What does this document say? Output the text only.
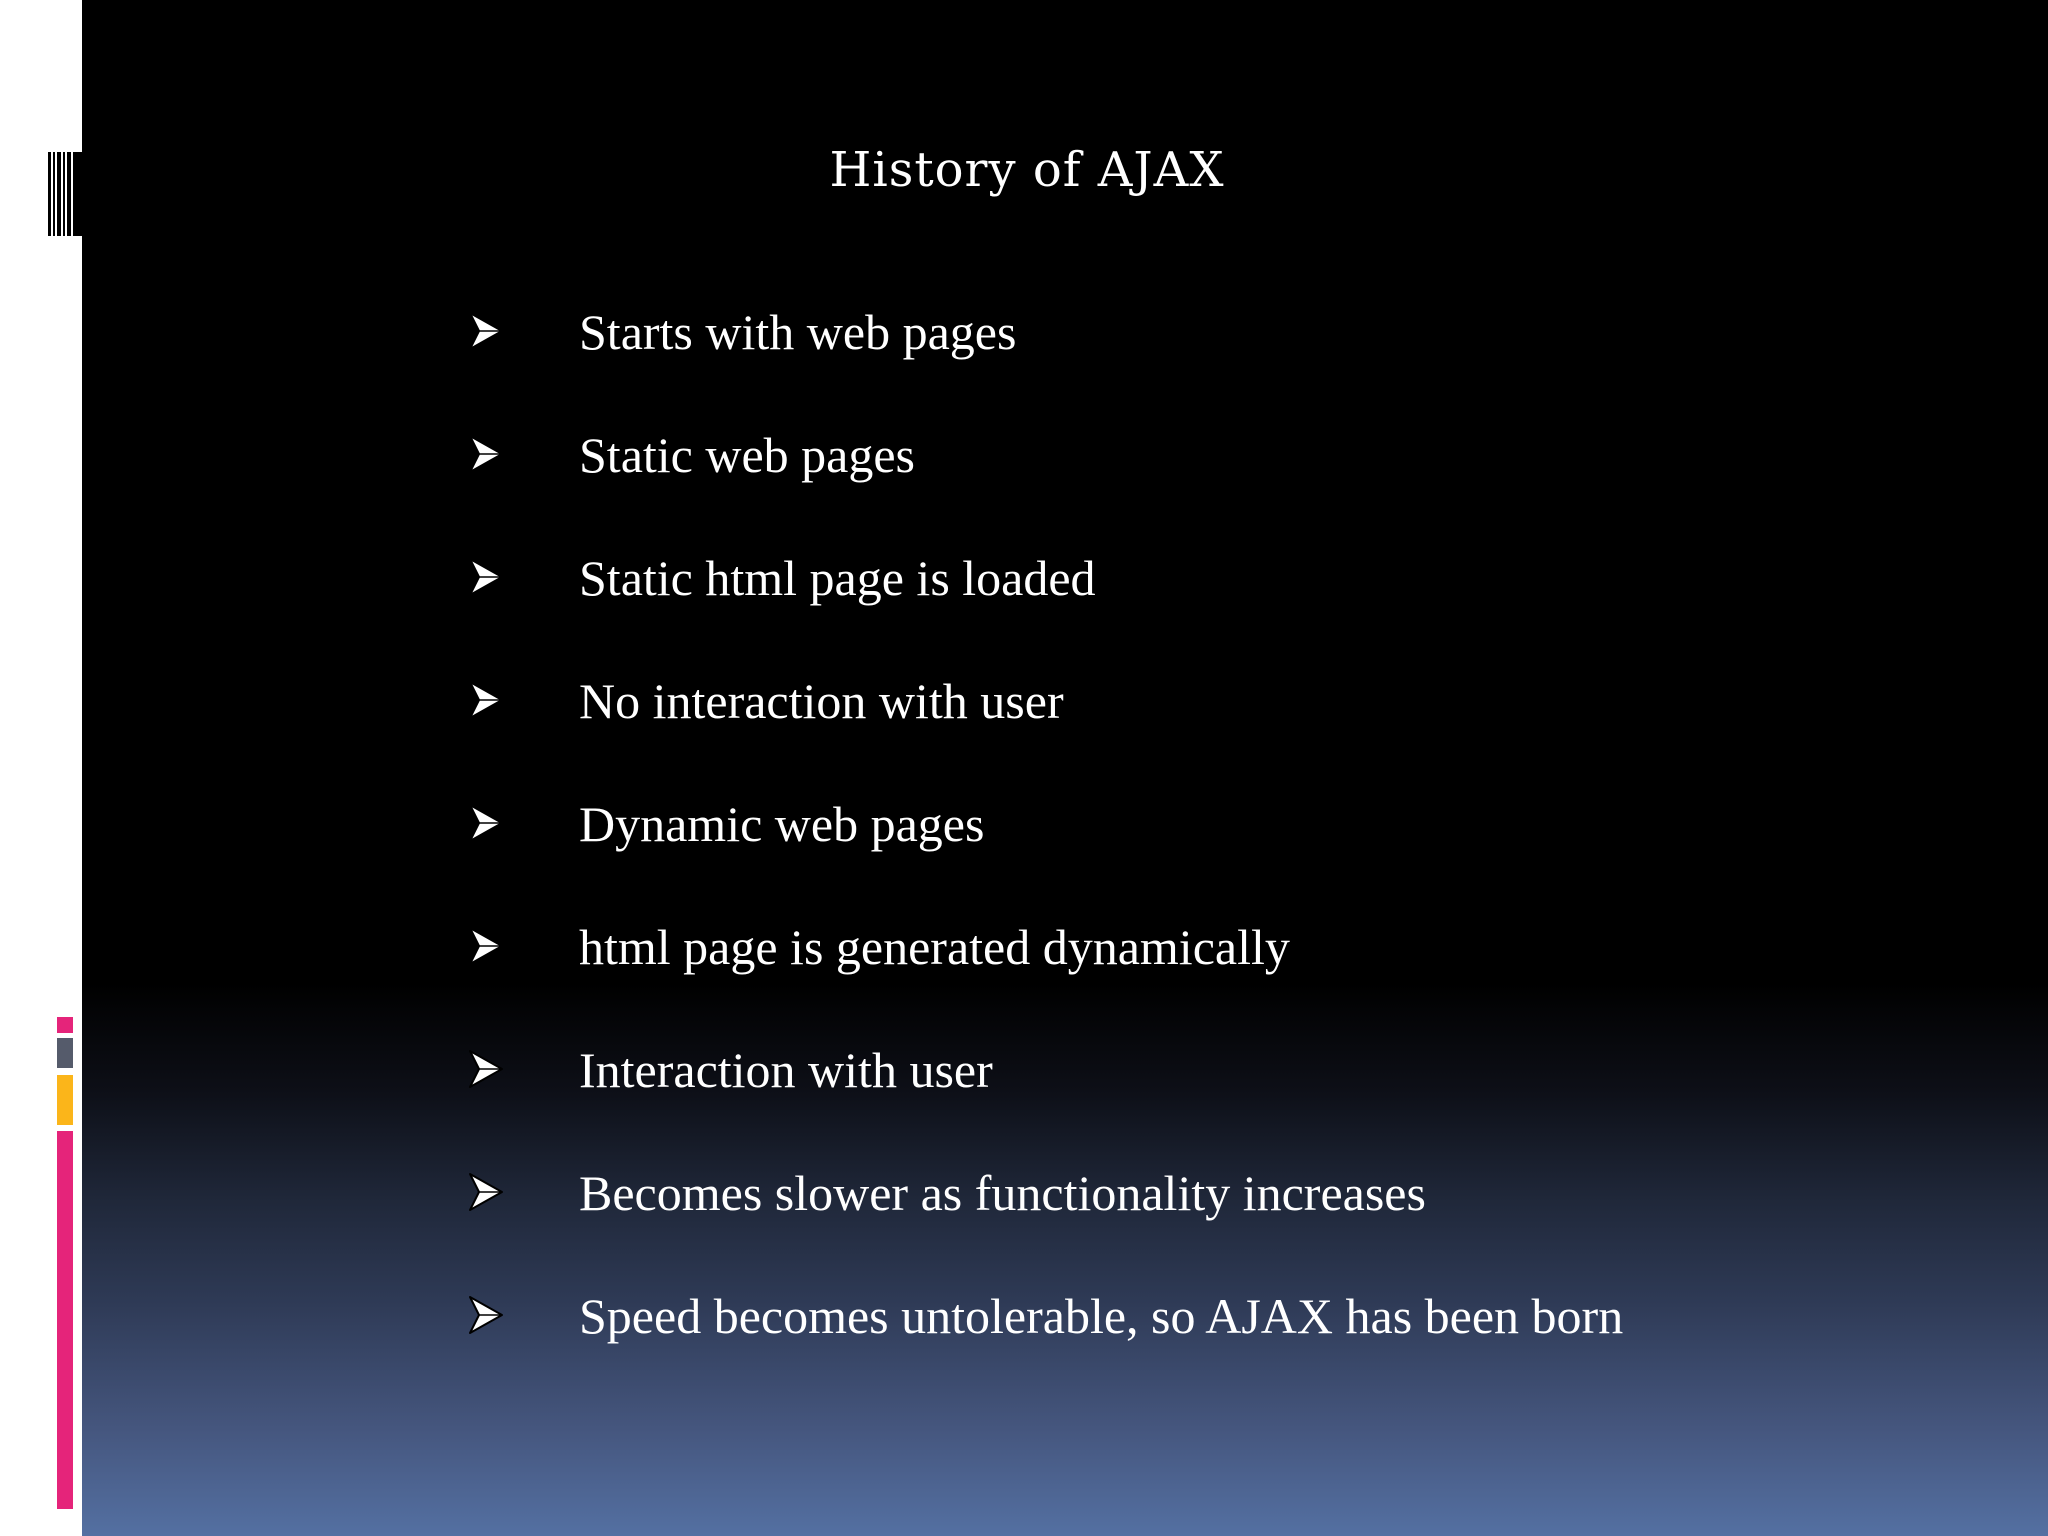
History of AJAX
Starts with web pages
Static web pages
Static html page is loaded
No interaction with user
Dynamic web pages
html page is generated dynamically
Interaction with user
Becomes slower as functionality increases
Speed becomes untolerable, so AJAX has been born
